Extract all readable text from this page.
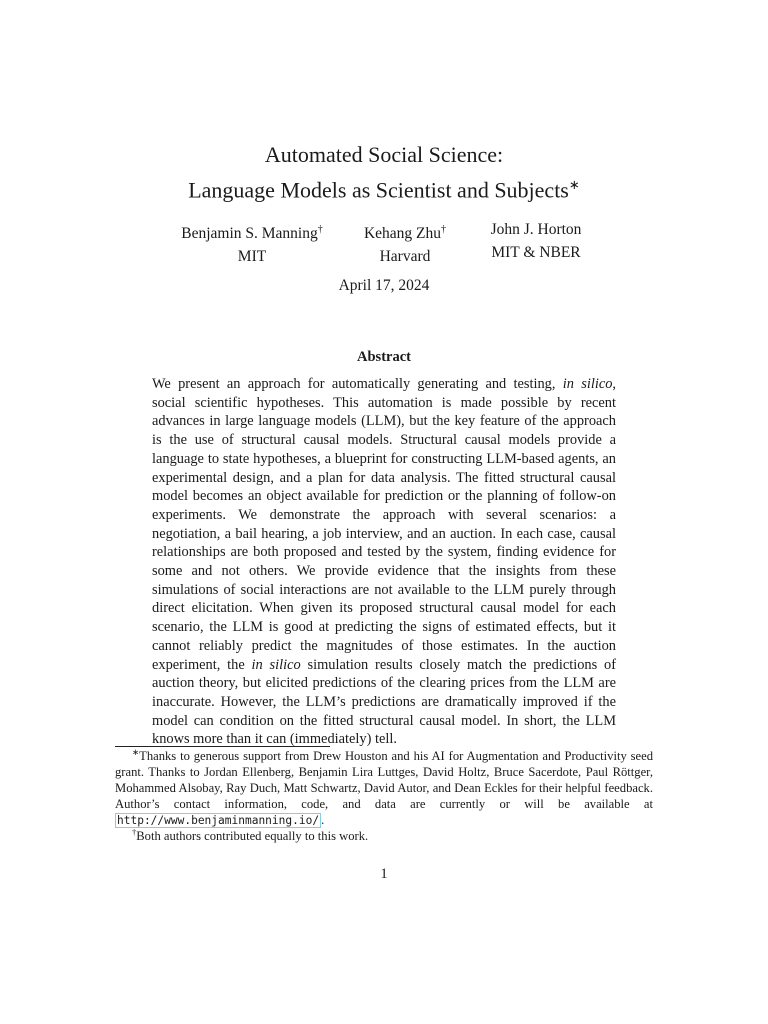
Automated Social Science:
Language Models as Scientist and Subjects∗
Benjamin S. Manning†
MIT
Kehang Zhu†
Harvard
John J. Horton
MIT & NBER
April 17, 2024
Abstract
We present an approach for automatically generating and testing, in silico, social scientific hypotheses. This automation is made possible by recent advances in large language models (LLM), but the key feature of the approach is the use of structural causal models. Structural causal models provide a language to state hypotheses, a blueprint for constructing LLM-based agents, an experimental design, and a plan for data analysis. The fitted structural causal model becomes an object available for prediction or the planning of follow-on experiments. We demonstrate the approach with several scenarios: a negotiation, a bail hearing, a job interview, and an auction. In each case, causal relationships are both proposed and tested by the system, finding evidence for some and not others. We provide evidence that the insights from these simulations of social interactions are not available to the LLM purely through direct elicitation. When given its proposed structural causal model for each scenario, the LLM is good at predicting the signs of estimated effects, but it cannot reliably predict the magnitudes of those estimates. In the auction experiment, the in silico simulation results closely match the predictions of auction theory, but elicited predictions of the clearing prices from the LLM are inaccurate. However, the LLM’s predictions are dramatically improved if the model can condition on the fitted structural causal model. In short, the LLM knows more than it can (immediately) tell.
∗Thanks to generous support from Drew Houston and his AI for Augmentation and Productivity seed grant. Thanks to Jordan Ellenberg, Benjamin Lira Luttges, David Holtz, Bruce Sacerdote, Paul Röttger, Mohammed Alsobay, Ray Duch, Matt Schwartz, David Autor, and Dean Eckles for their helpful feedback. Author’s contact information, code, and data are currently or will be available at http://www.benjaminmanning.io/ .
†Both authors contributed equally to this work.
1
